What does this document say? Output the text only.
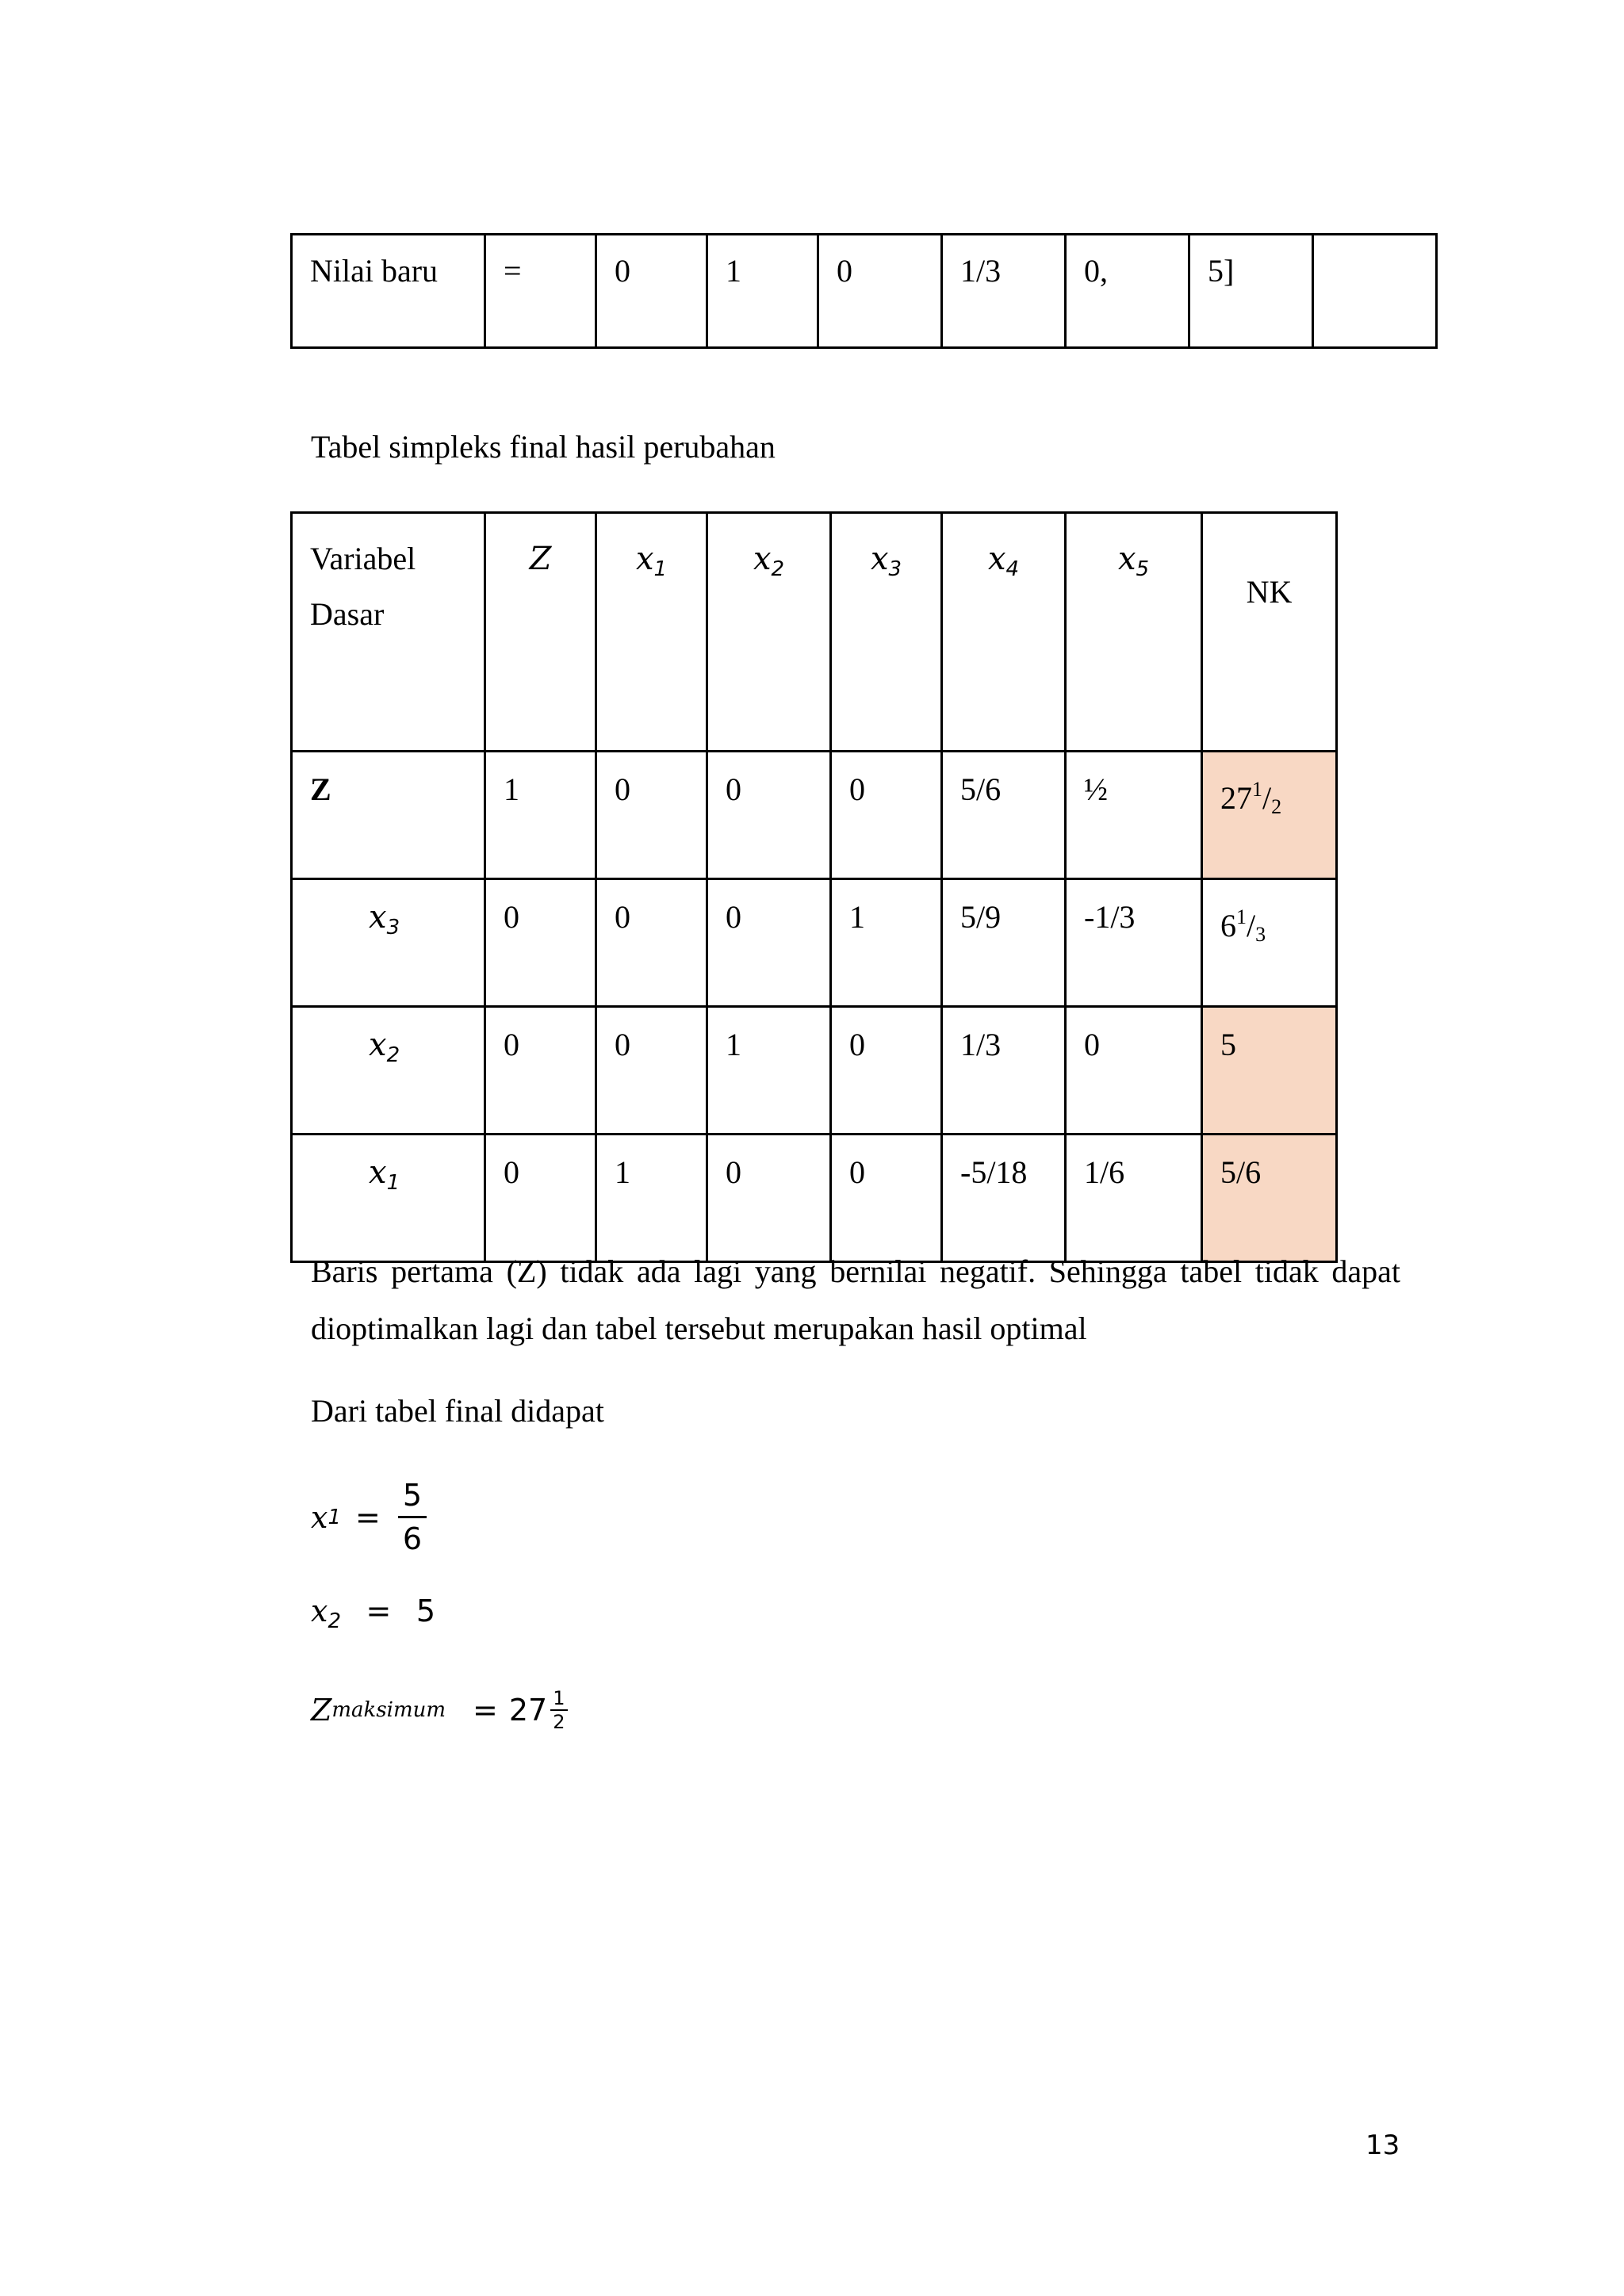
Nilai baru	=	0	1	0	1/3	0,	5]	
Tabel simpleks final hasil perubahan
Variabel
Dasar	Z	$x_1$	$x_2$	$x_3$	$x_4$	$x_5$	NK
Z	1	0	0	0	5/6	½	$27^1/2$
$x_3$	0	0	0	1	5/9	-1/3	$6^1/3$
$x_2$	0	0	1	0	1/3	0	5
$x_1$	0	1	0	0	-5/18	1/6	5/6
Baris pertama (Z) tidak ada lagi yang bernilai negatif. Sehingga tabel tidak dapat dioptimalkan lagi dan tabel tersebut merupakan hasil optimal
Dari tabel final didapat
x $1 = \frac{5}{6}$
$x_2 = 5$
Z maksimum = $27 \frac{1}{2}$
13
